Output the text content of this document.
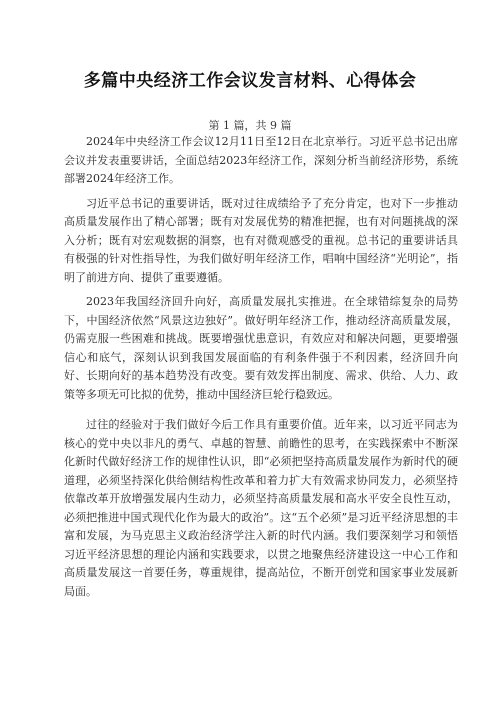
多篇中央经济工作会议发言材料、心得体会
第 1 篇，共 9 篇

2024年中央经济工作会议12月11日至12日在北京举行。习近平总书记出席会议并发表重要讲话，全面总结2023年经济工作，深刻分析当前经济形势，系统部署2024年经济工作。

习近平总书记的重要讲话，既对过往成绩给予了充分肯定，也对下一步推动高质量发展作出了精心部署；既有对发展优势的精准把握，也有对问题挑战的深入分析；既有对宏观数据的洞察，也有对微观感受的重视。总书记的重要讲话具有极强的针对性指导性，为我们做好明年经济工作，唱响中国经济“光明论”，指明了前进方向、提供了重要遵循。

2023年我国经济回升向好，高质量发展扎实推进。在全球错综复杂的局势下，中国经济依然“风景这边独好”。做好明年经济工作，推动经济高质量发展，仍需克服一些困难和挑战。既要增强忧患意识，有效应对和解决问题，更要增强信心和底气，深刻认识到我国发展面临的有利条件强于不利因素，经济回升向好、长期向好的基本趋势没有改变。要有效发挥出制度、需求、供给、人力、政策等多项无可比拟的优势，推动中国经济巨轮行稳致远。

过往的经验对于我们做好今后工作具有重要价值。近年来，以习近平同志为核心的党中央以非凡的勇气、卓越的智慧、前瞻性的思考，在实践探索中不断深化新时代做好经济工作的规律性认识，即“必须把坚持高质量发展作为新时代的硬道理，必须坚持深化供给侧结构性改革和着力扩大有效需求协同发力，必须坚持依靠改革开放增强发展内生动力，必须坚持高质量发展和高水平安全良性互动，必须把推进中国式现代化作为最大的政治”。这“五个必须”是习近平经济思想的丰富和发展，为马克思主义政治经济学注入新的时代内涵。我们要深刻学习和领悟习近平经济思想的理论内涵和实践要求，以贯之地聚焦经济建设这一中心工作和高质量发展这一首要任务，尊重规律，提高站位，不断开创党和国家事业发展新局面。
